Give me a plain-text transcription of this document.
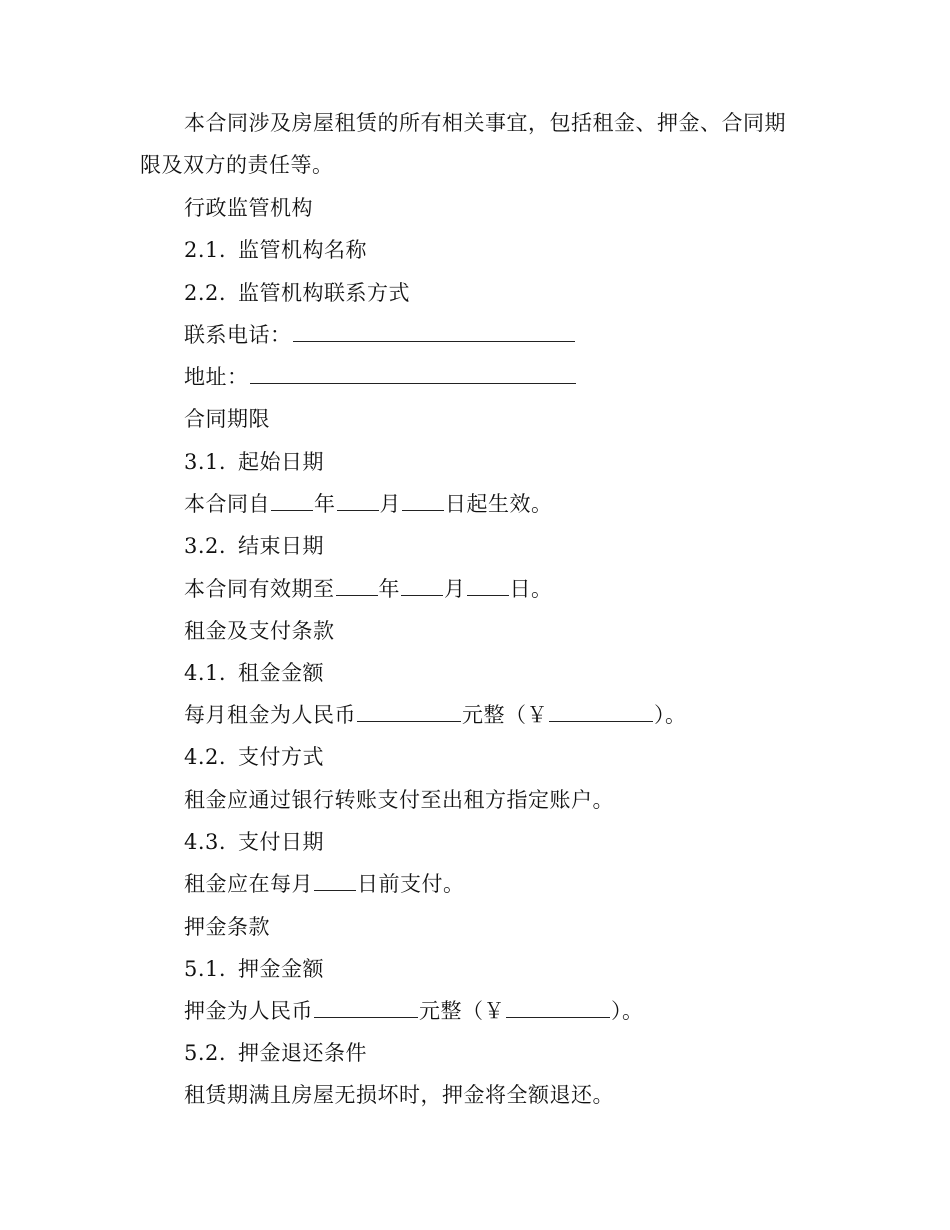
本合同涉及房屋租赁的所有相关事宜，包括租金、押金、合同期
限及双方的责任等。
行政监管机构
2.1. 监管机构名称
2.2. 监管机构联系方式
联系电话：
地址：
合同期限
3.1. 起始日期
本合同自 年 月 日起生效。
3.2. 结束日期
本合同有效期至 年 月 日。
租金及支付条款
4.1. 租金金额
每月租金为人民币	元整（￥	）。
4.2. 支付方式
租金应通过银行转账支付至出租方指定账户。
4.3. 支付日期
租金应在每月 日前支付。
押金条款
5.1. 押金金额
押金为人民币	元整（￥	）。
5.2. 押金退还条件
租赁期满且房屋无损坏时，押金将全额退还。
